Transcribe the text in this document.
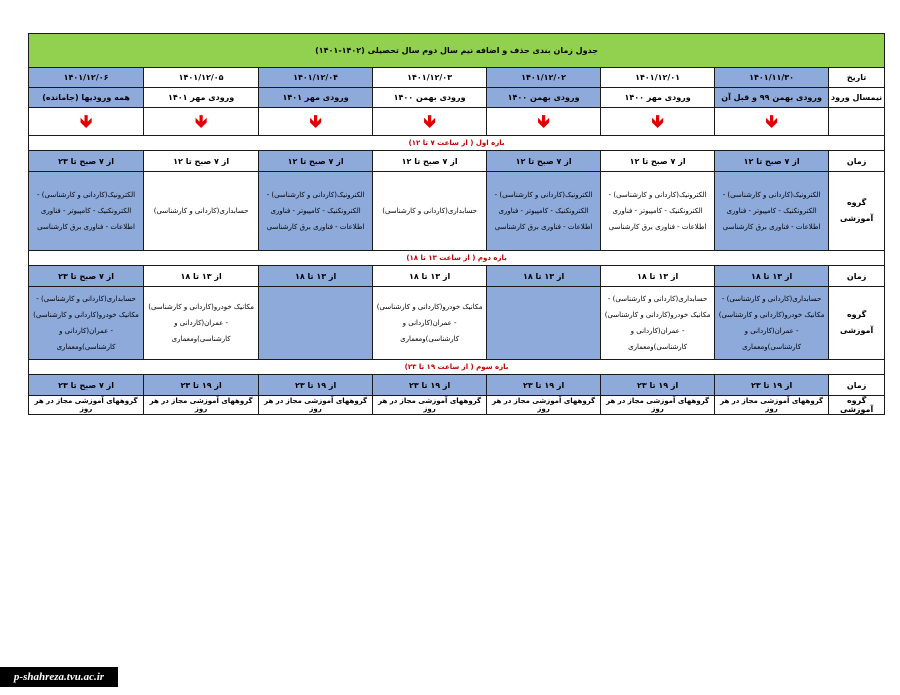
جدول زمان بندی حذف و اضافه نیم سال دوم سال تحصیلی (۱۴۰۲-۱۴۰۱)							
تاریخ	۱۴۰۱/۱۱/۳۰	۱۴۰۱/۱۲/۰۱	۱۴۰۱/۱۲/۰۲	۱۴۰۱/۱۲/۰۳	۱۴۰۱/۱۲/۰۴	۱۴۰۱/۱۲/۰۵	۱۴۰۱/۱۲/۰۶
نیمسال ورود	ورودی بهمن ۹۹ و قبل آن	ورودی مهر ۱۴۰۰	ورودی بهمن ۱۴۰۰	ورودی بهمن ۱۴۰۰	ورودی مهر ۱۴۰۱	ورودی مهر ۱۴۰۱	همه ورودیها (جامانده)
	🡻	🡻	🡻	🡻	🡻	🡻	🡻
بازه اول ( از ساعت ۷ تا ۱۲)							
زمان	از ۷ صبح تا ۱۲	از ۷ صبح تا ۱۲	از ۷ صبح تا ۱۲	از ۷ صبح تا ۱۲	از ۷ صبح تا ۱۲	از ۷ صبح تا ۱۲	از ۷ صبح تا ۲۳
گروه آموزشی	الکترونیک(کاردانی و کارشناسی) - الکترونکنیک - کامپیوتر - فناوری اطلاعات - فناوری برق کارشناسی	الکترونیک(کاردانی و کارشناسی) - الکترونکنیک - کامپیوتر - فناوری اطلاعات - فناوری برق کارشناسی	الکترونیک(کاردانی و کارشناسی) - الکترونکنیک - کامپیوتر - فناوری اطلاعات - فناوری برق کارشناسی	حسابداری(کاردانی و کارشناسی)	الکترونیک(کاردانی و کارشناسی) - الکترونکنیک - کامپیوتر - فناوری اطلاعات - فناوری برق کارشناسی	حسابداری(کاردانی و کارشناسی)	الکترونیک(کاردانی و کارشناسی) - الکترونکنیک - کامپیوتر - فناوری اطلاعات - فناوری برق کارشناسی

بازه دوم ( از ساعت ۱۳ تا ۱۸)							
زمان	از ۱۳ تا ۱۸	از ۱۳ تا ۱۸	از ۱۳ تا ۱۸	از ۱۳ تا ۱۸	از ۱۳ تا ۱۸	از ۱۳ تا ۱۸	از ۷ صبح تا ۲۳
گروه آموزشی	حسابداری(کاردانی و کارشناسی) - مکانیک خودرو(کاردانی و کارشناسی) - عمران(کاردانی و کارشناسی)ومعماری	حسابداری(کاردانی و کارشناسی) - مکانیک خودرو(کاردانی و کارشناسی) - عمران(کاردانی و کارشناسی)ومعماری		مکانیک خودرو(کاردانی و کارشناسی) - عمران(کاردانی و کارشناسی)ومعماری		مکانیک خودرو(کاردانی و کارشناسی) - عمران(کاردانی و کارشناسی)ومعماری	حسابداری(کاردانی و کارشناسی) - مکانیک خودرو(کاردانی و کارشناسی) - عمران(کاردانی و کارشناسی)ومعماری

بازه سوم ( از ساعت ۱۹ تا ۲۳)							
زمان	از ۱۹ تا ۲۳	از ۱۹ تا ۲۳	از ۱۹ تا ۲۳	از ۱۹ تا ۲۳	از ۱۹ تا ۲۳	از ۱۹ تا ۲۳	از ۷ صبح تا ۲۳
گروه آموزشی	گروههای آموزشی مجاز در هر روز	گروههای آموزشی مجاز در هر روز	گروههای آموزشی مجاز در هر روز	گروههای آموزشی مجاز در هر روز	گروههای آموزشی مجاز در هر روز	گروههای آموزشی مجاز در هر روز	گروههای آموزشی مجاز در هر روز
p-shahreza.tvu.ac.ir
